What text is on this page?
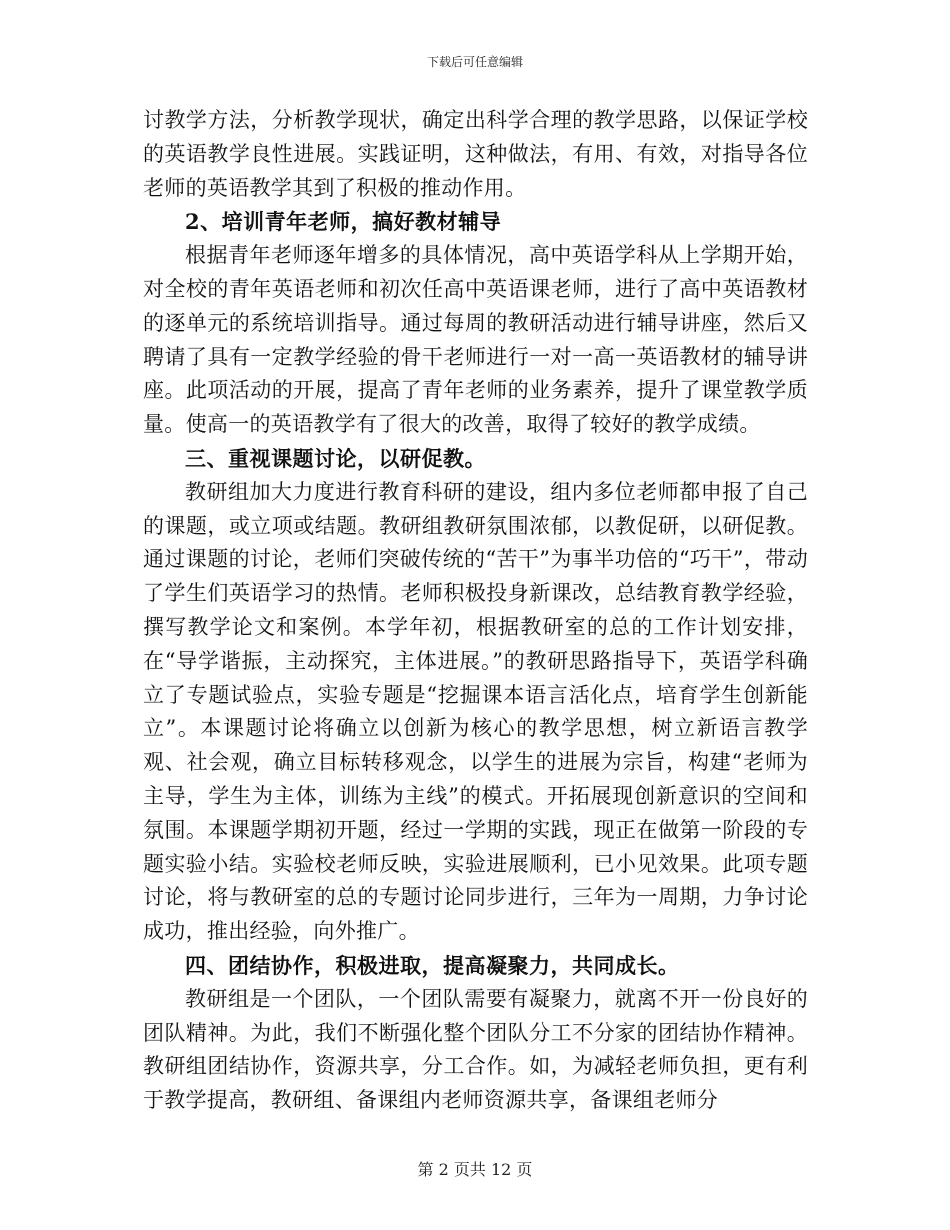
下载后可任意编辑

讨教学方法，分析教学现状，确定出科学合理的教学思路，以保证学校的英语教学良性进展。实践证明，这种做法，有用、有效，对指导各位老师的英语教学其到了积极的推动作用。

2、培训青年老师，搞好教材辅导

根据青年老师逐年增多的具体情况，高中英语学科从上学期开始，对全校的青年英语老师和初次任高中英语课老师，进行了高中英语教材的逐单元的系统培训指导。通过每周的教研活动进行辅导讲座，然后又聘请了具有一定教学经验的骨干老师进行一对一高一英语教材的辅导讲座。此项活动的开展，提高了青年老师的业务素养，提升了课堂教学质量。使高一的英语教学有了很大的改善，取得了较好的教学成绩。

三、重视课题讨论，以研促教。

教研组加大力度进行教育科研的建设，组内多位老师都申报了自己的课题，或立项或结题。教研组教研氛围浓郁，以教促研，以研促教。通过课题的讨论，老师们突破传统的“苦干”为事半功倍的“巧干”，带动了学生们英语学习的热情。老师积极投身新课改，总结教育教学经验，撰写教学论文和案例。本学年初，根据教研室的总的工作计划安排，在“导学谐振，主动探究，主体进展。”的教研思路指导下，英语学科确立了专题试验点，实验专题是“挖掘课本语言活化点，培育学生创新能立”。本课题讨论将确立以创新为核心的教学思想，树立新语言教学观、社会观，确立目标转移观念，以学生的进展为宗旨，构建“老师为主导，学生为主体，训练为主线”的模式。开拓展现创新意识的空间和氛围。本课题学期初开题，经过一学期的实践，现正在做第一阶段的专题实验小结。实验校老师反映，实验进展顺利，已小见效果。此项专题讨论，将与教研室的总的专题讨论同步进行，三年为一周期，力争讨论成功，推出经验，向外推广。

四、团结协作，积极进取，提高凝聚力，共同成长。

教研组是一个团队，一个团队需要有凝聚力，就离不开一份良好的团队精神。为此，我们不断强化整个团队分工不分家的团结协作精神。教研组团结协作，资源共享，分工合作。如，为减轻老师负担，更有利于教学提高，教研组、备课组内老师资源共享，备课组老师分

第 2 页共 12 页
